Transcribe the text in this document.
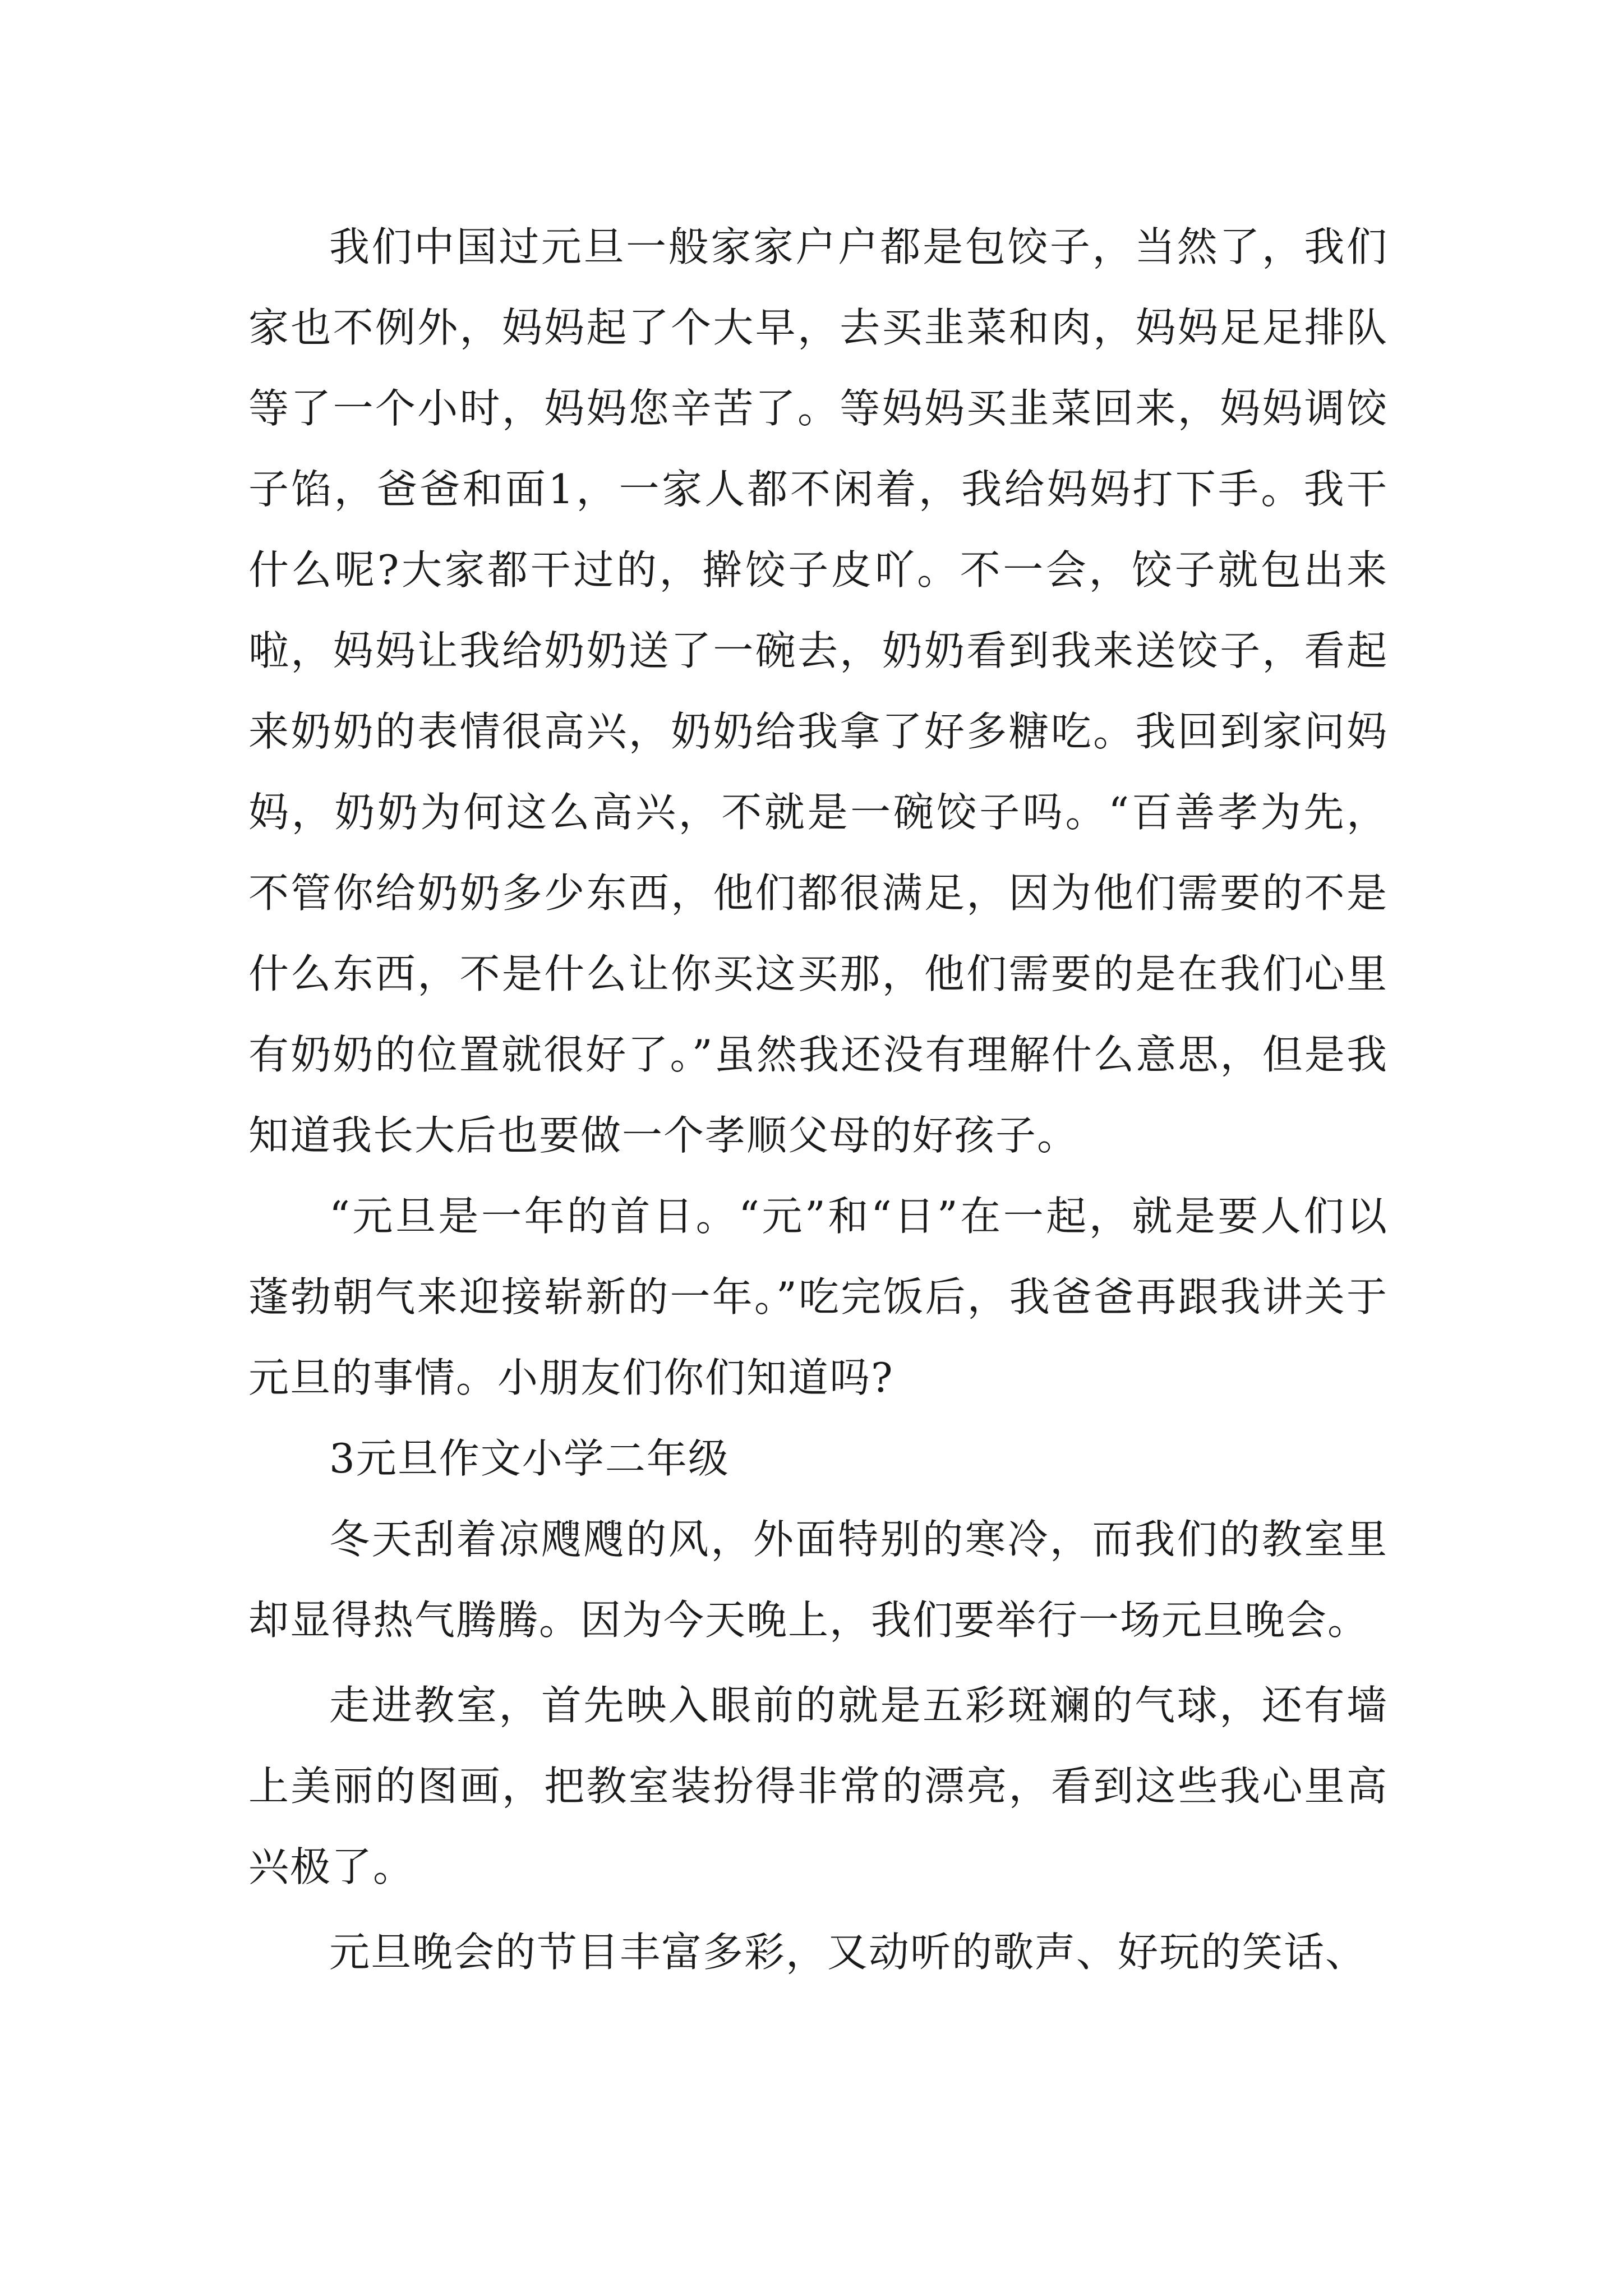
我们中国过元旦一般家家户户都是包饺子，当然了，我们家也不例外，妈妈起了个大早，去买韭菜和肉，妈妈足足排队等了一个小时，妈妈您辛苦了。等妈妈买韭菜回来，妈妈调饺子馅，爸爸和面1，一家人都不闲着，我给妈妈打下手。我干什么呢?大家都干过的，擀饺子皮吖。不一会，饺子就包出来啦，妈妈让我给奶奶送了一碗去，奶奶看到我来送饺子，看起来奶奶的表情很高兴，奶奶给我拿了好多糖吃。我回到家问妈妈，奶奶为何这么高兴，不就是一碗饺子吗。“百善孝为先，不管你给奶奶多少东西，他们都很满足，因为他们需要的不是什么东西，不是什么让你买这买那，他们需要的是在我们心里有奶奶的位置就很好了。”虽然我还没有理解什么意思，但是我知道我长大后也要做一个孝顺父母的好孩子。

“元旦是一年的首日。“元”和“日”在一起，就是要人们以蓬勃朝气来迎接崭新的一年。”吃完饭后，我爸爸再跟我讲关于元旦的事情。小朋友们你们知道吗?

3元旦作文小学二年级

冬天刮着凉飕飕的风，外面特别的寒冷，而我们的教室里却显得热气腾腾。因为今天晚上，我们要举行一场元旦晚会。

走进教室，首先映入眼前的就是五彩斑斓的气球，还有墙上美丽的图画，把教室装扮得非常的漂亮，看到这些我心里高兴极了。

元旦晚会的节目丰富多彩，又动听的歌声、好玩的笑话、
